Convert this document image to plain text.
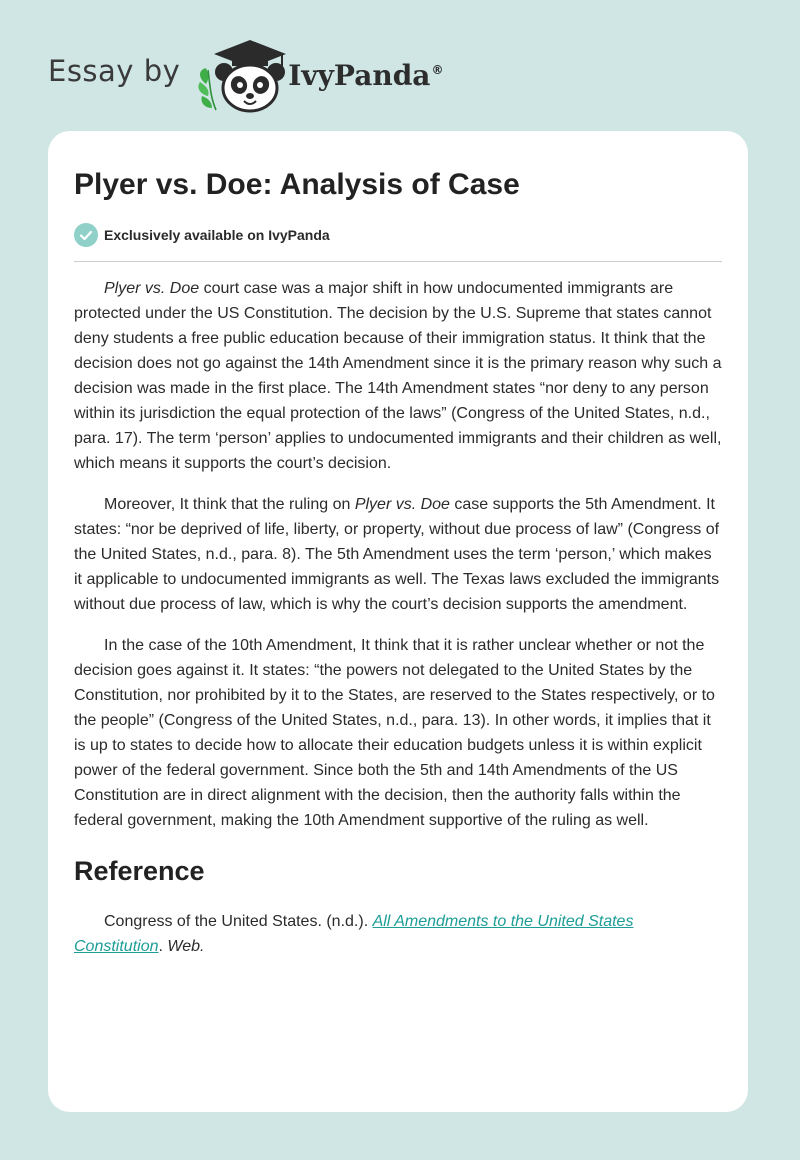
Essay by	IvyPanda®
Plyer vs. Doe: Analysis of Case
Exclusively available on IvyPanda

Plyer vs. Doe court case was a major shift in how undocumented immigrants are protected under the US Constitution. The decision by the U.S. Supreme that states cannot deny students a free public education because of their immigration status. It think that the decision does not go against the 14th Amendment since it is the primary reason why such a decision was made in the first place. The 14th Amendment states “nor deny to any person within its jurisdiction the equal protection of the laws” (Congress of the United States, n.d., para. 17). The term ‘person’ applies to undocumented immigrants and their children as well, which means it supports the court’s decision.

Moreover, It think that the ruling on Plyer vs. Doe case supports the 5th Amendment. It states: “nor be deprived of life, liberty, or property, without due process of law” (Congress of the United States, n.d., para. 8). The 5th Amendment uses the term ‘person,’ which makes it applicable to undocumented immigrants as well. The Texas laws excluded the immigrants without due process of law, which is why the court’s decision supports the amendment.

In the case of the 10th Amendment, It think that it is rather unclear whether or not the decision goes against it. It states: “the powers not delegated to the United States by the Constitution, nor prohibited by it to the States, are reserved to the States respectively, or to the people” (Congress of the United States, n.d., para. 13). In other words, it implies that it is up to states to decide how to allocate their education budgets unless it is within explicit power of the federal government. Since both the 5th and 14th Amendments of the US Constitution are in direct alignment with the decision, then the authority falls within the federal government, making the 10th Amendment supportive of the ruling as well.

Reference

Congress of the United States. (n.d.). All Amendments to the United States Constitution. Web.
